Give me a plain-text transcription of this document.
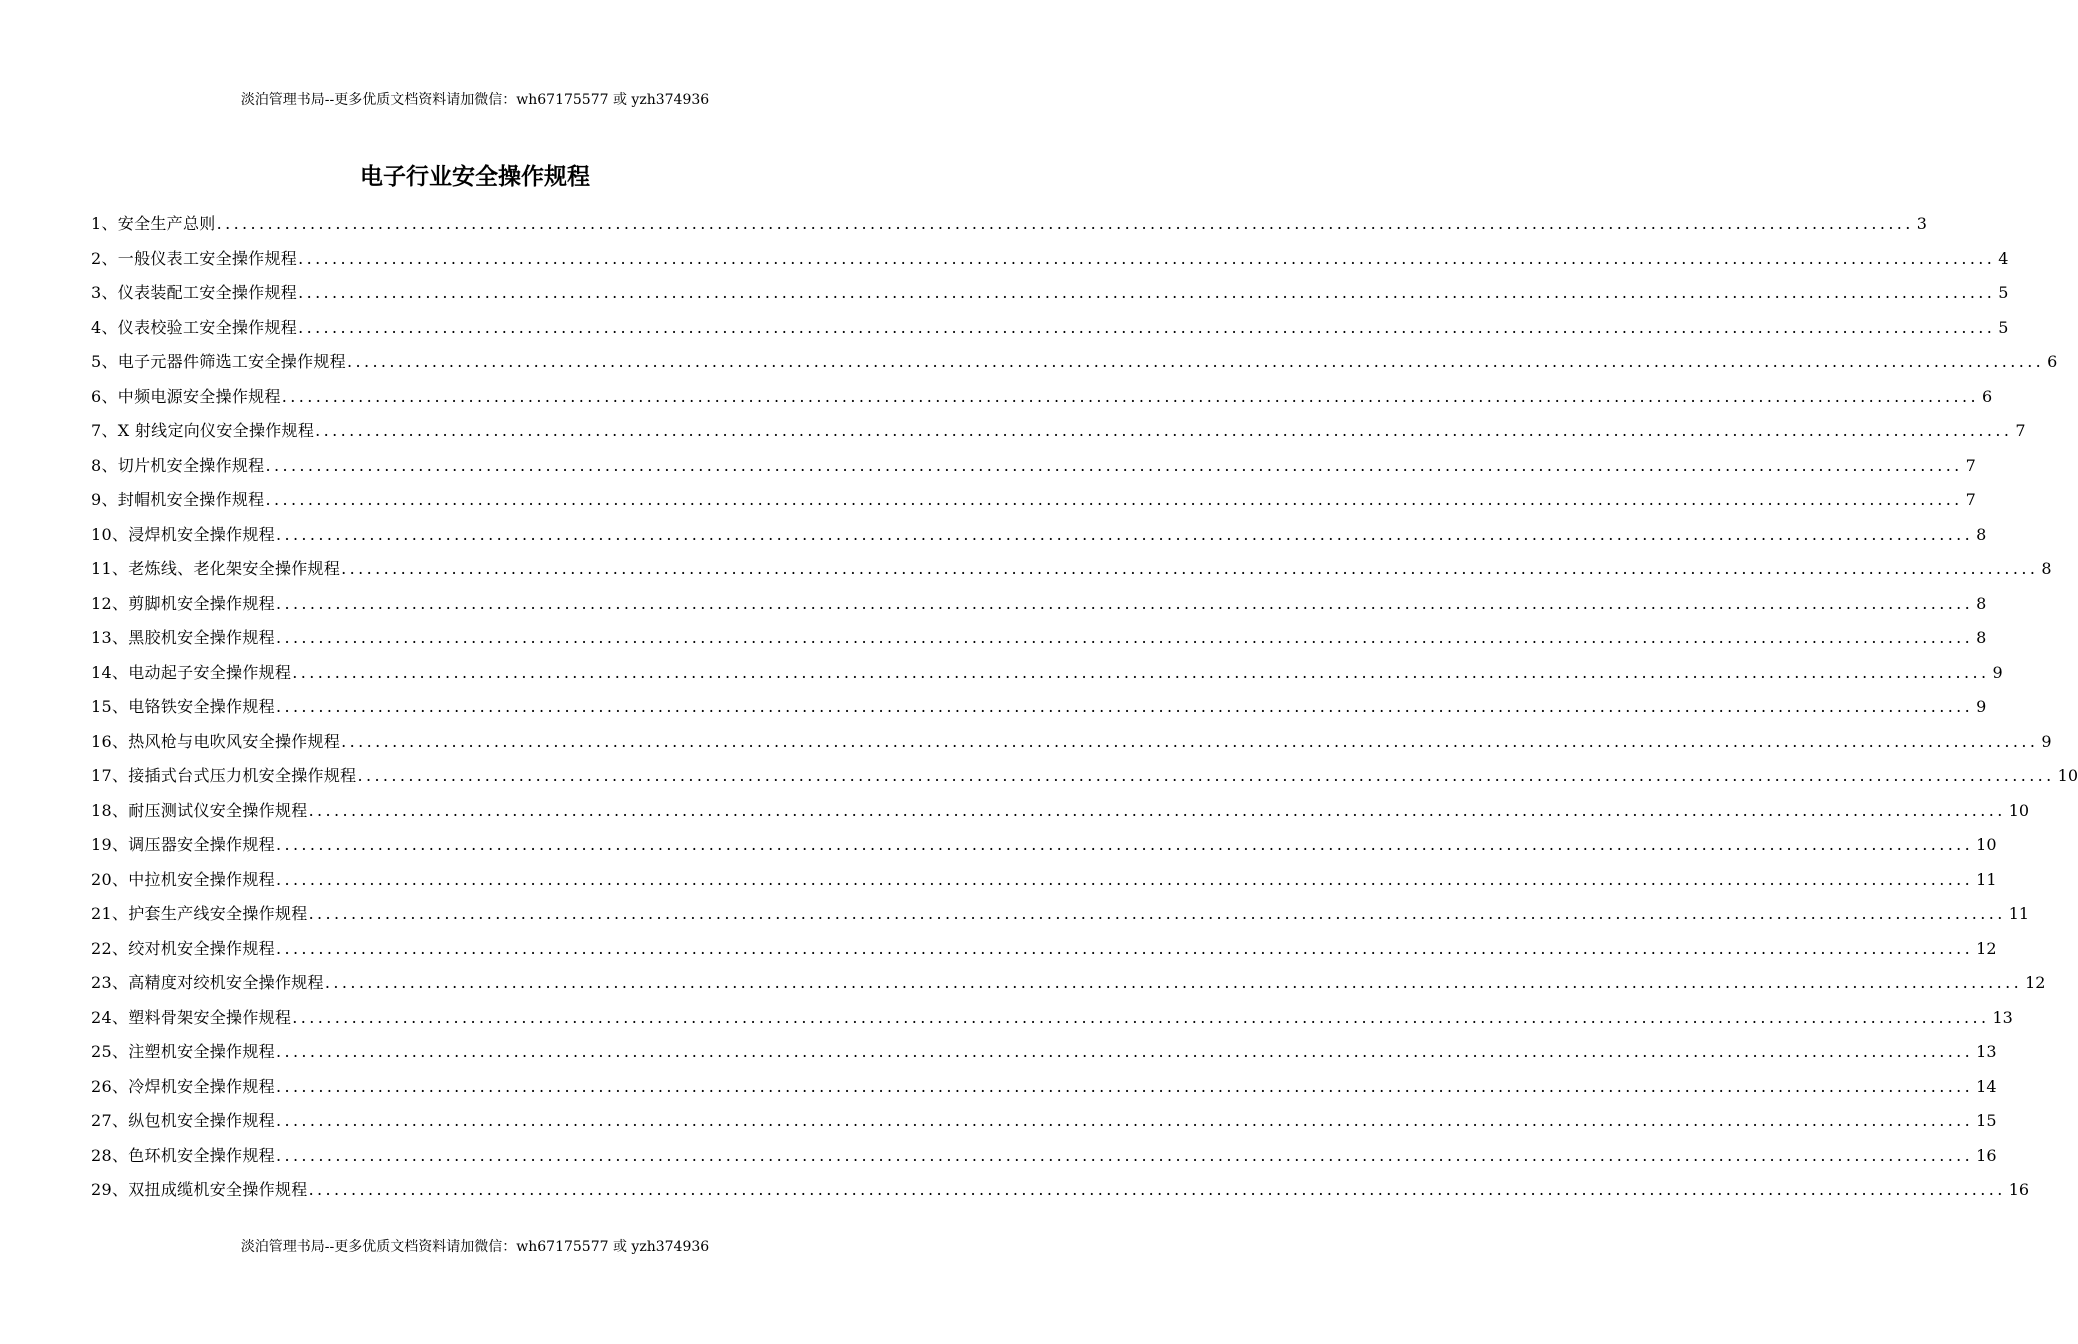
淡泊管理书局--更多优质文档资料请加微信：wh67175577 或 yzh374936
电子行业安全操作规程
1、安全生产总则 ........................................................................................................................................................................................................ 3
2、一般仪表工安全操作规程 ........................................................................................................................................................................................................ 4
3、仪表装配工安全操作规程 ........................................................................................................................................................................................................ 5
4、仪表校验工安全操作规程 ........................................................................................................................................................................................................ 5
5、电子元器件筛选工安全操作规程 ........................................................................................................................................................................................................ 6
6、中频电源安全操作规程 ........................................................................................................................................................................................................ 6
7、X 射线定向仪安全操作规程 ........................................................................................................................................................................................................ 7
8、切片机安全操作规程 ........................................................................................................................................................................................................ 7
9、封帽机安全操作规程 ........................................................................................................................................................................................................ 7
10、浸焊机安全操作规程 ........................................................................................................................................................................................................ 8
11、老炼线、老化架安全操作规程 ........................................................................................................................................................................................................ 8
12、剪脚机安全操作规程 ........................................................................................................................................................................................................ 8
13、黑胶机安全操作规程 ........................................................................................................................................................................................................ 8
14、电动起子安全操作规程 ........................................................................................................................................................................................................ 9
15、电铬铁安全操作规程 ........................................................................................................................................................................................................ 9
16、热风枪与电吹风安全操作规程 ........................................................................................................................................................................................................ 9
17、接插式台式压力机安全操作规程 ........................................................................................................................................................................................................ 10
18、耐压测试仪安全操作规程 ........................................................................................................................................................................................................ 10
19、调压器安全操作规程 ........................................................................................................................................................................................................ 10
20、中拉机安全操作规程 ........................................................................................................................................................................................................ 11
21、护套生产线安全操作规程 ........................................................................................................................................................................................................ 11
22、绞对机安全操作规程 ........................................................................................................................................................................................................ 12
23、高精度对绞机安全操作规程 ........................................................................................................................................................................................................ 12
24、塑料骨架安全操作规程 ........................................................................................................................................................................................................ 13
25、注塑机安全操作规程 ........................................................................................................................................................................................................ 13
26、冷焊机安全操作规程 ........................................................................................................................................................................................................ 14
27、纵包机安全操作规程 ........................................................................................................................................................................................................ 15
28、色环机安全操作规程 ........................................................................................................................................................................................................ 16
29、双扭成缆机安全操作规程 ........................................................................................................................................................................................................ 16
淡泊管理书局--更多优质文档资料请加微信：wh67175577 或 yzh374936
